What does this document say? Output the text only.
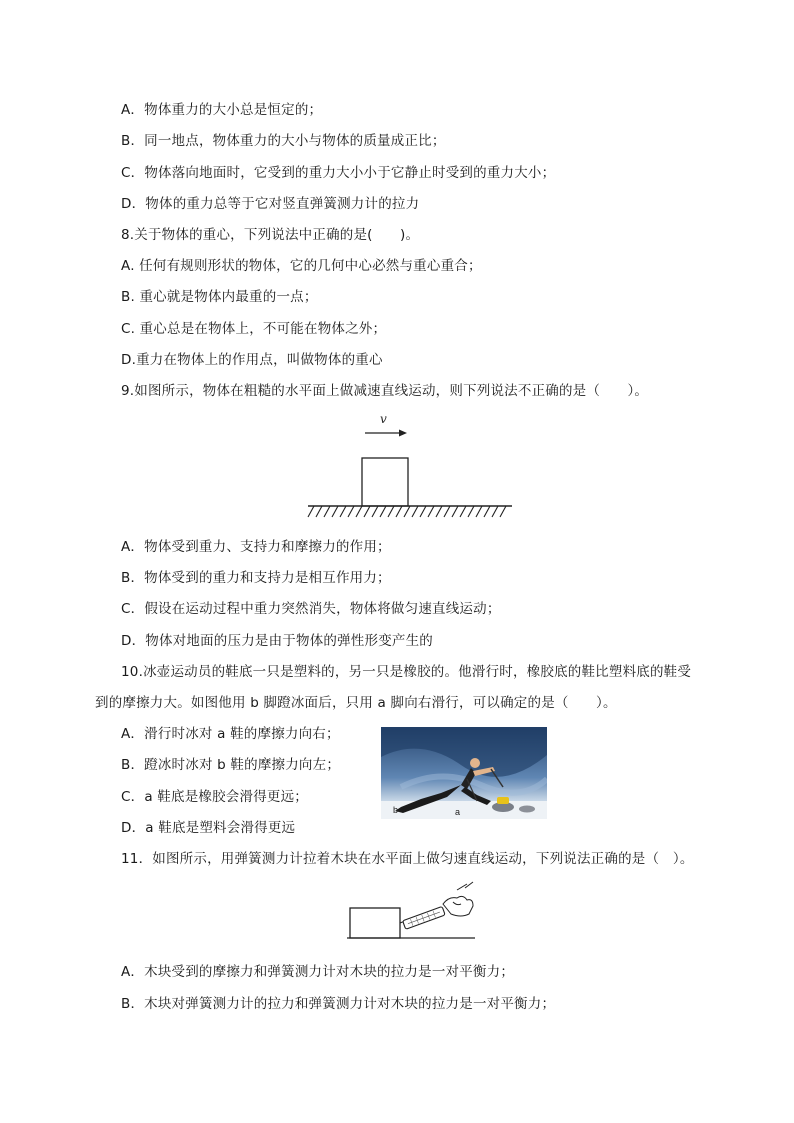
A．物体重力的大小总是恒定的；
B．同一地点，物体重力的大小与物体的质量成正比；
C．物体落向地面时，它受到的重力大小小于它静止时受到的重力大小；
D．物体的重力总等于它对竖直弹簧测力计的拉力
8.关于物体的重心，下列说法中正确的是(　　)。
A. 任何有规则形状的物体，它的几何中心必然与重心重合；
B. 重心就是物体内最重的一点；
C. 重心总是在物体上，不可能在物体之外；
D.重力在物体上的作用点，叫做物体的重心
9.如图所示，物体在粗糙的水平面上做减速直线运动，则下列说法不正确的是（　　）。
v
A．物体受到重力、支持力和摩擦力的作用；
B．物体受到的重力和支持力是相互作用力；
C．假设在运动过程中重力突然消失，物体将做匀速直线运动；
D．物体对地面的压力是由于物体的弹性形变产生的
10.冰壶运动员的鞋底一只是塑料的，另一只是橡胶的。他滑行时，橡胶底的鞋比塑料底的鞋受
到的摩擦力大。如图他用 b 脚蹬冰面后，只用 a 脚向右滑行，可以确定的是（　　）。
A．滑行时冰对 a 鞋的摩擦力向右；
B．蹬冰时冰对 b 鞋的摩擦力向左；
C．a 鞋底是橡胶会滑得更远；
D．a 鞋底是塑料会滑得更远
b	a
11．如图所示，用弹簧测力计拉着木块在水平面上做匀速直线运动，下列说法正确的是（　）。
A．木块受到的摩擦力和弹簧测力计对木块的拉力是一对平衡力；
B．木块对弹簧测力计的拉力和弹簧测力计对木块的拉力是一对平衡力；
